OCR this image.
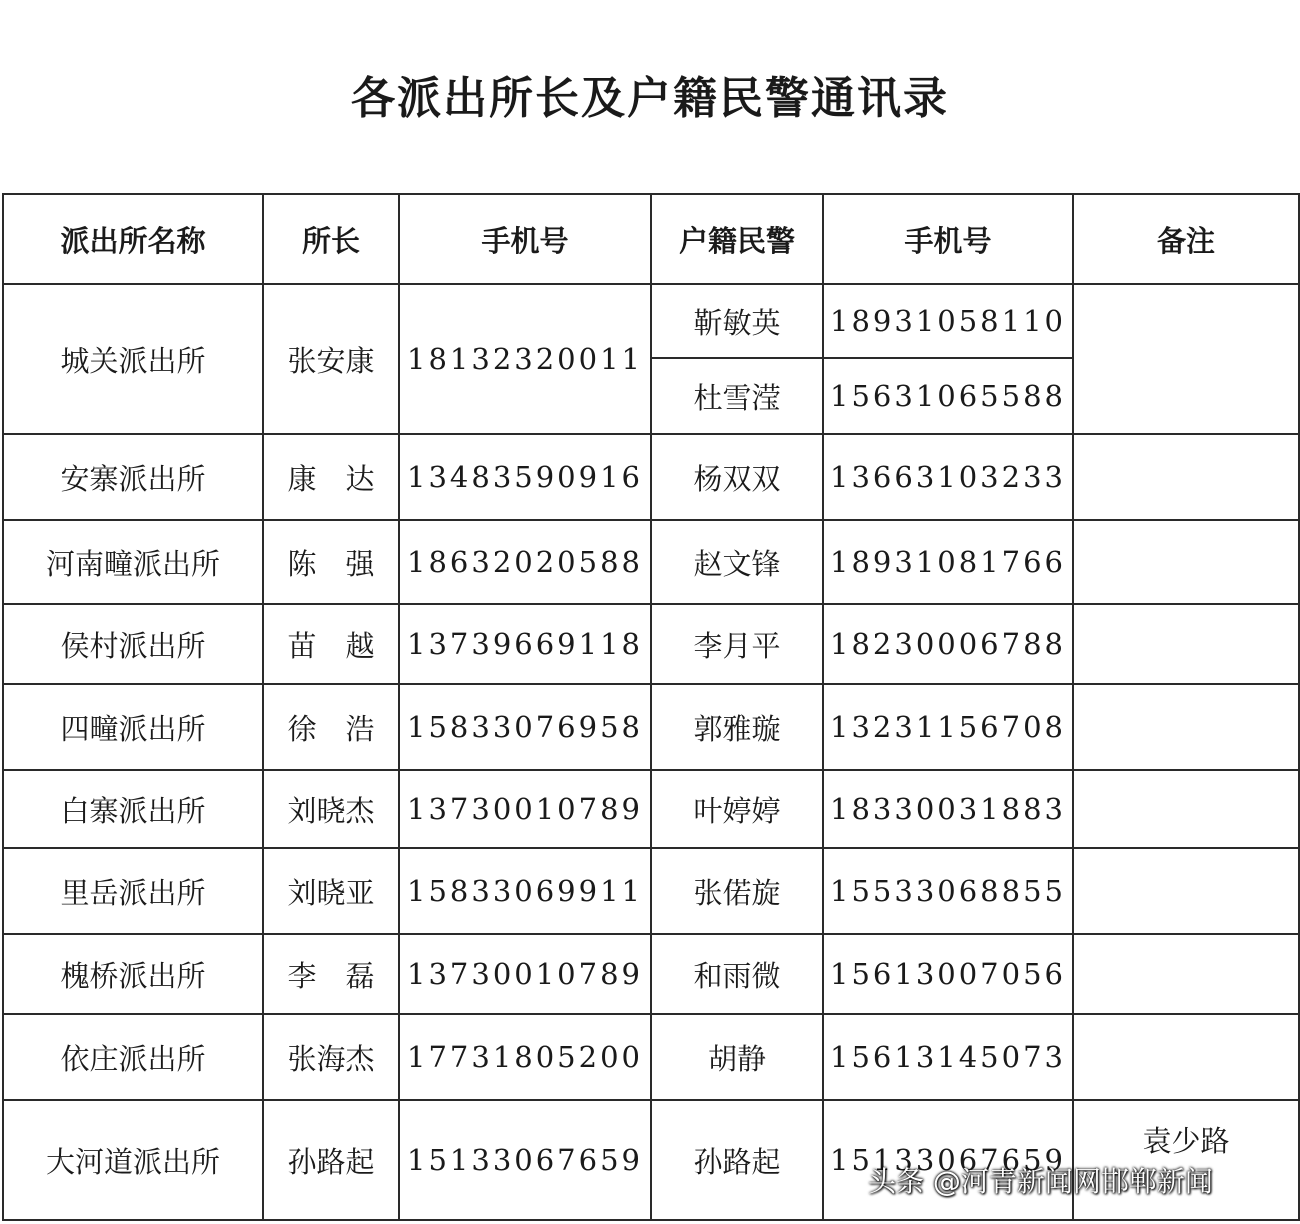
各派出所长及户籍民警通讯录
派出所名称	所长	手机号	户籍民警	手机号	备注
城关派出所	张安康	18132320011	靳敏英	18931058110	
			杜雪滢	15631065588	
安寨派出所	康　达	13483590916	杨双双	13663103233	
河南疃派出所	陈　强	18632020588	赵文锋	18931081766	
侯村派出所	苗　越	13739669118	李月平	18230006788	
四疃派出所	徐　浩	15833076958	郭雅璇	13231156708	
白寨派出所	刘晓杰	13730010789	叶婷婷	18330031883	
里岳派出所	刘晓亚	15833069911	张偌旋	15533068855	
槐桥派出所	李　磊	13730010789	和雨微	15613007056	
依庄派出所	张海杰	17731805200	胡静	15613145073	
大河道派出所	孙路起	15133067659	孙路起	15133067659	袁少路
头条 @河青新闻网邯郸新闻
